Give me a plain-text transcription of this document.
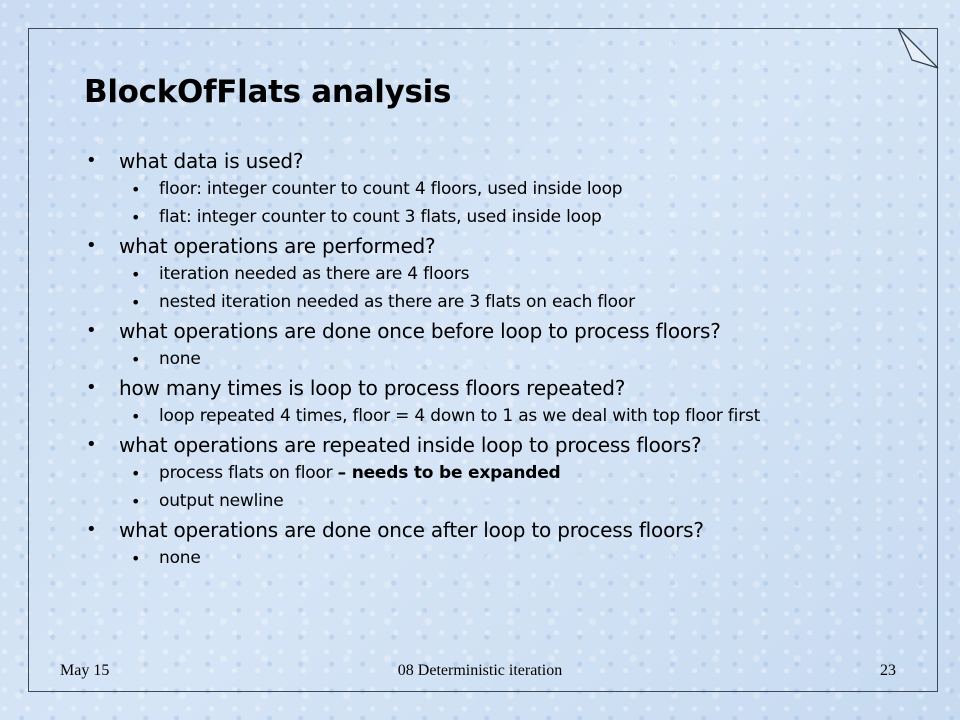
BlockOfFlats analysis
• what data is used?
• floor: integer counter to count 4 floors, used inside loop
• flat: integer counter to count 3 flats, used inside loop
• what operations are performed?
• iteration needed as there are 4 floors
• nested iteration needed as there are 3 flats on each floor
• what operations are done once before loop to process floors?
• none
• how many times is loop to process floors repeated?
• loop repeated 4 times, floor = 4 down to 1 as we deal with top floor first
• what operations are repeated inside loop to process floors?
• process flats on floor – needs to be expanded
• output newline
• what operations are done once after loop to process floors?
• none
May 15	08 Deterministic iteration	23
